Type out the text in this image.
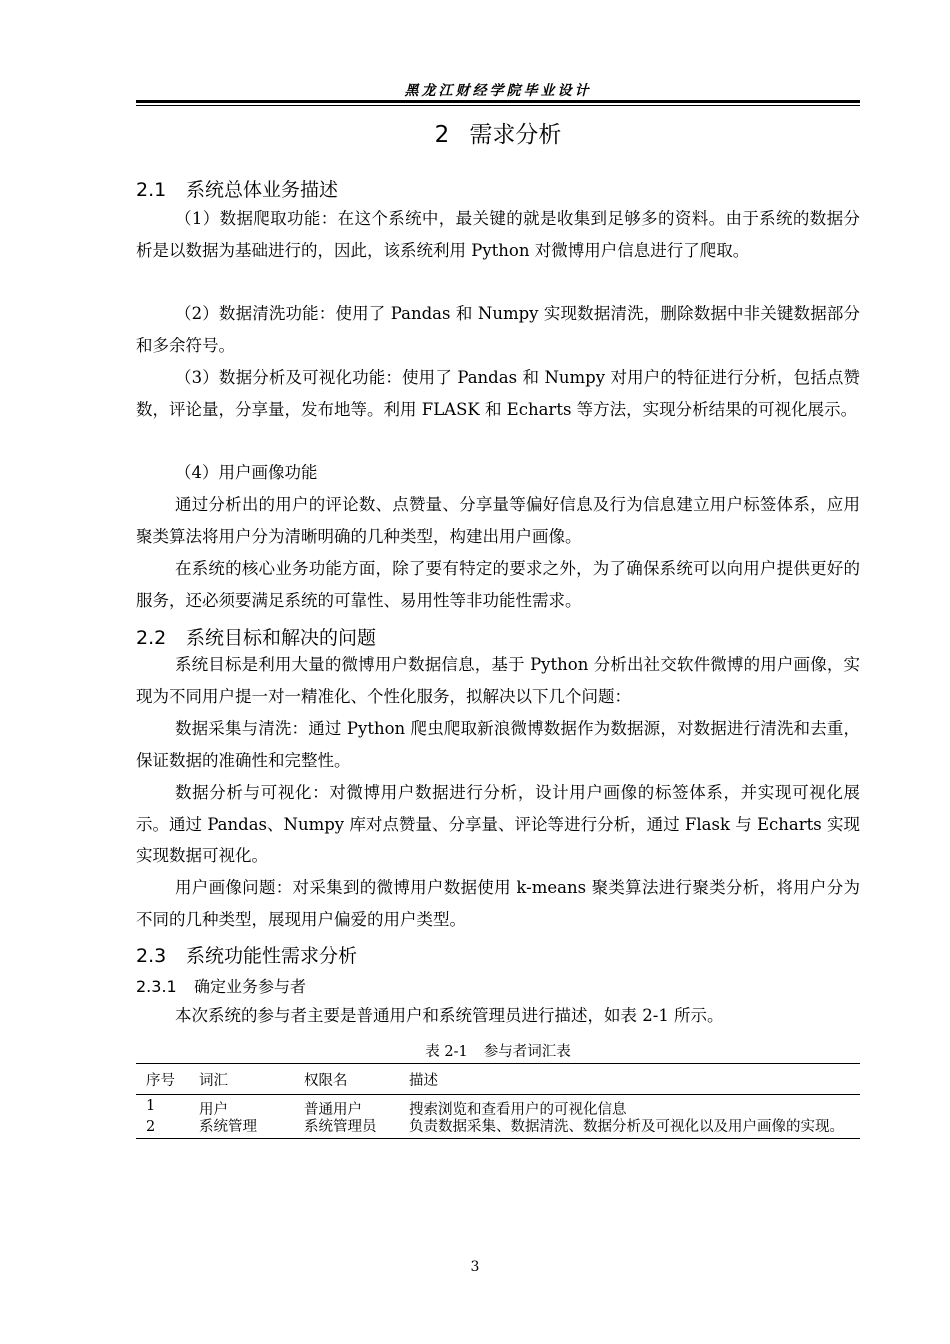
黑龙江财经学院毕业设计
2 需求分析
2.1 系统总体业务描述
（1）数据爬取功能：在这个系统中，最关键的就是收集到足够多的资料。由于系统的数据分析是以数据为基础进行的，因此，该系统利用 Python 对微博用户信息进行了爬取。
（2）数据清洗功能：使用了 Pandas 和 Numpy 实现数据清洗，删除数据中非关键数据部分和多余符号。
（3）数据分析及可视化功能：使用了 Pandas 和 Numpy 对用户的特征进行分析，包括点赞数，评论量，分享量，发布地等。利用 FLASK 和 Echarts 等方法，实现分析结果的可视化展示。
（4）用户画像功能
通过分析出的用户的评论数、点赞量、分享量等偏好信息及行为信息建立用户标签体系，应用聚类算法将用户分为清晰明确的几种类型，构建出用户画像。
在系统的核心业务功能方面，除了要有特定的要求之外，为了确保系统可以向用户提供更好的服务，还必须要满足系统的可靠性、易用性等非功能性需求。
2.2 系统目标和解决的问题
系统目标是利用大量的微博用户数据信息，基于 Python 分析出社交软件微博的用户画像，实现为不同用户提一对一精准化、个性化服务，拟解决以下几个问题：
数据采集与清洗：通过 Python 爬虫爬取新浪微博数据作为数据源，对数据进行清洗和去重，保证数据的准确性和完整性。
数据分析与可视化：对微博用户数据进行分析，设计用户画像的标签体系，并实现可视化展示。通过 Pandas、Numpy 库对点赞量、分享量、评论等进行分析，通过 Flask 与 Echarts 实现实现数据可视化。
用户画像问题：对采集到的微博用户数据使用 k-means 聚类算法进行聚类分析，将用户分为不同的几种类型，展现用户偏爱的用户类型。
2.3 系统功能性需求分析
2.3.1 确定业务参与者
本次系统的参与者主要是普通用户和系统管理员进行描述，如表 2-1 所示。
表 2-1 参与者词汇表
序号	词汇	权限名	描述
1	用户	普通用户	搜索浏览和查看用户的可视化信息
2	系统管理	系统管理员	负责数据采集、数据清洗、数据分析及可视化以及用户画像的实现。
3
